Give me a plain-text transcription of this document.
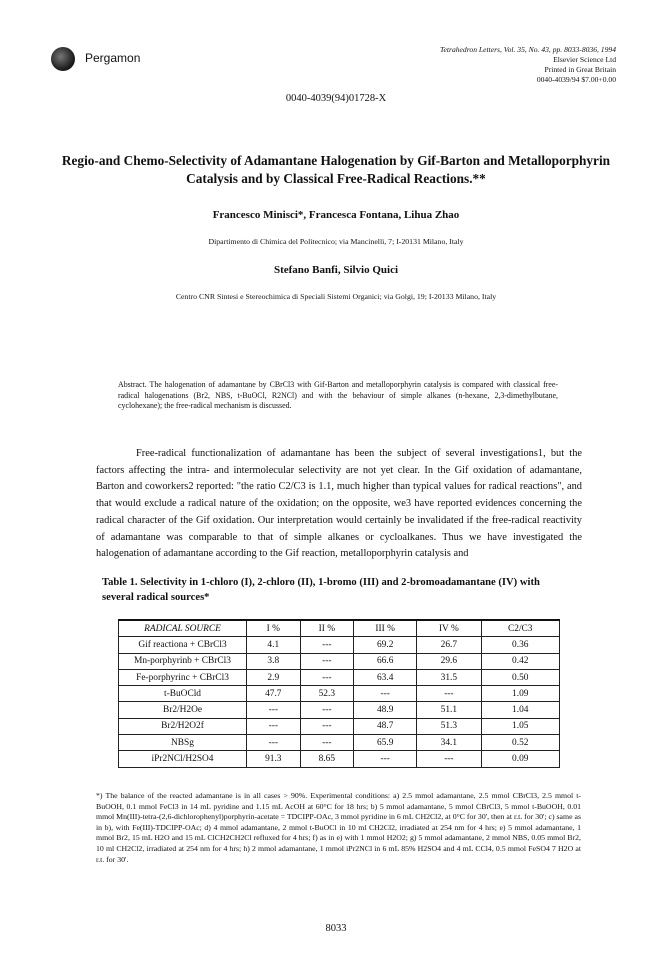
Pergamon
Tetrahedron Letters, Vol. 35, No. 43, pp. 8033-8036, 1994
Elsevier Science Ltd
Printed in Great Britain
0040-4039/94 $7.00+0.00
0040-4039(94)01728-X
Regio-and Chemo-Selectivity of Adamantane Halogenation by Gif-Barton and Metalloporphyrin Catalysis and by Classical Free-Radical Reactions.**
Francesco Minisci*, Francesca Fontana, Lihua Zhao
Dipartimento di Chimica del Politecnico; via Mancinelli, 7; I-20131 Milano, Italy
Stefano Banfi, Silvio Quici
Centro CNR Sintesi e Stereochimica di Speciali Sistemi Organici; via Golgi, 19; I-20133 Milano, Italy
Abstract. The halogenation of adamantane by CBrCl3 with Gif-Barton and metalloporphyrin catalysis is compared with classical free-radical halogenations (Br2, NBS, t-BuOCl, R2NCl) and with the behaviour of simple alkanes (n-hexane, 2,3-dimethylbutane, cyclohexane); the free-radical mechanism is discussed.

Free-radical functionalization of adamantane has been the subject of several investigations1, but the factors affecting the intra- and intermolecular selectivity are not yet clear. In the Gif oxidation of adamantane, Barton and coworkers2 reported: "the ratio C2/C3 is 1.1, much higher than typical values for radical reactions", and that would exclude a radical nature of the oxidation; on the opposite, we3 have reported evidences concerning the radical character of the Gif oxidation. Our interpretation would certainly be invalidated if the free-radical reactivity of adamantane was comparable to that of simple alkanes or cycloalkanes. Thus we have investigated the halogenation of adamantane according to the Gif reaction, metalloporphyrin catalysis and

Table 1. Selectivity in 1-chloro (I), 2-chloro (II), 1-bromo (III) and 2-bromoadamantane (IV) with several radical sources*
RADICAL SOURCE	I %	II %	III %	IV %	C2/C3
Gif reactiona + CBrCl3	4.1	---	69.2	26.7	0.36
Mn-porphyrinb + CBrCl3	3.8	---	66.6	29.6	0.42
Fe-porphyrinc + CBrCl3	2.9	---	63.4	31.5	0.50
t-BuOCld	47.7	52.3	---	---	1.09
Br2/H2Oe	---	---	48.9	51.1	1.04
Br2/H2O2f	---	---	48.7	51.3	1.05
NBSg	---	---	65.9	34.1	0.52
iPr2NCl/H2SO4	91.3	8.65	---	---	0.09
*) The balance of the reacted adamantane is in all cases > 90%. Experimental conditions: a) 2.5 mmol adamantane, 2.5 mmol CBrCl3, 2.5 mmol t-BuOOH, 0.1 mmol FeCl3 in 14 mL pyridine and 1.15 mL AcOH at 60°C for 18 hrs; b) 5 mmol adamantane, 5 mmol CBrCl3, 5 mmol t-BuOOH, 0.01 mmol Mn(III)-tetra-(2,6-dichlorophenyl)porphyrin-acetate = TDCIPP-OAc, 3 mmol pyridine in 6 mL CH2Cl2, at 0°C for 30', then at r.t. for 30'; c) same as in b), with Fe(III)-TDCIPP-OAc; d) 4 mmol adamantane, 2 mmol t-BuOCl in 10 ml CH2Cl2, irradiated at 254 nm for 4 hrs; e) 5 mmol adamantane, 1 mmol Br2, 15 mL H2O and 15 mL ClCH2CH2Cl refluxed for 4 hrs; f) as in e) with 1 mmol H2O2; g) 5 mmol adamantane, 2 mmol NBS, 0.05 mmol Br2, 10 ml CH2Cl2, irradiated at 254 nm for 4 hrs; h) 2 mmol adamantane, 1 mmol iPr2NCl in 6 mL 85% H2SO4 and 4 mL CCl4, 0.5 mmol FeSO4 7 H2O at r.t. for 30'.
8033
